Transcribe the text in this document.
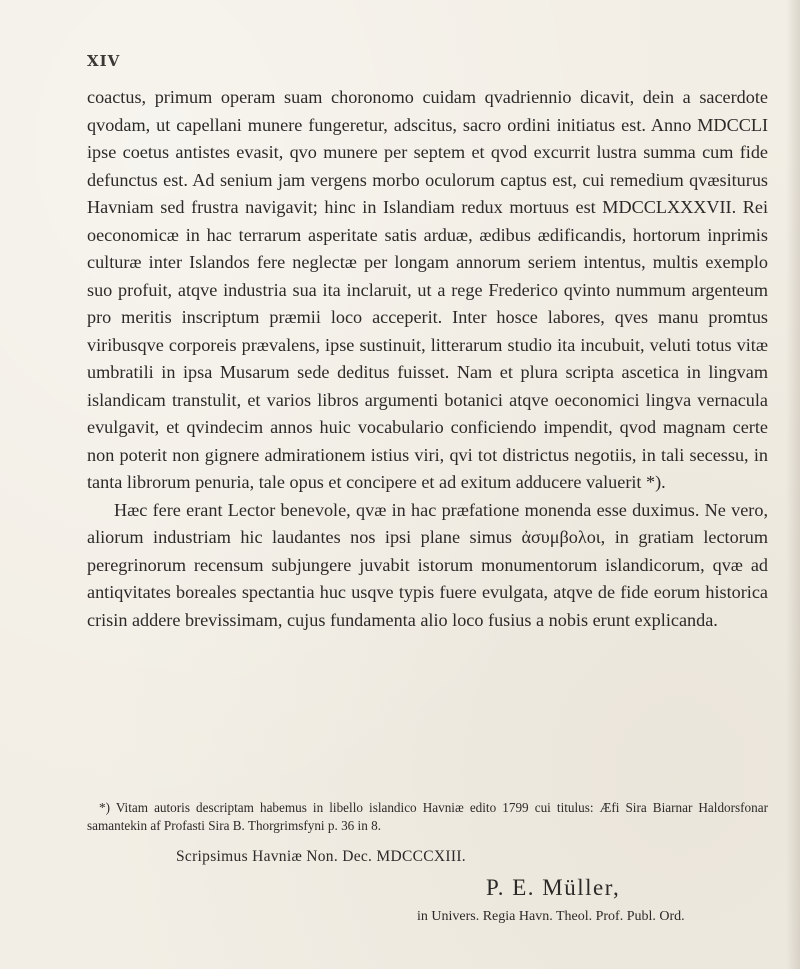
XIV

coactus, primum operam suam choronomo cuidam qvadriennio dicavit, dein a sacerdote qvodam, ut capellani munere fungeretur, adscitus, sacro ordini initiatus est. Anno MDCCLI ipse coetus antistes evasit, qvo munere per septem et qvod excurrit lustra summa cum fide defunctus est. Ad senium jam vergens morbo oculorum captus est, cui remedium qvæsiturus Havniam sed frustra navigavit; hinc in Islandiam redux mortuus est MDCCLXXXVII. Rei oeconomicæ in hac terrarum asperitate satis arduæ, ædibus ædificandis, hortorum inprimis culturæ inter Islandos fere neglectæ per longam annorum seriem intentus, multis exemplo suo profuit, atqve industria sua ita inclaruit, ut a rege Frederico qvinto nummum argenteum pro meritis inscriptum præmii loco acceperit. Inter hosce labores, qves manu promtus viribusqve corporeis prævalens, ipse sustinuit, litterarum studio ita incubuit, veluti totus vitæ umbratili in ipsa Musarum sede deditus fuisset. Nam et plura scripta ascetica in lingvam islandicam transtulit, et varios libros argumenti botanici atqve oeconomici lingva vernacula evulgavit, et qvindecim annos huic vocabulario conficiendo impendit, qvod magnam certe non poterit non gignere admirationem istius viri, qvi tot districtus negotiis, in tali secessu, in tanta librorum penuria, tale opus et concipere et ad exitum adducere valuerit *).

Hæc fere erant Lector benevole, qvæ in hac præfatione monenda esse duximus. Ne vero, aliorum industriam hic laudantes nos ipsi plane simus ἀσυμβολοι, in gratiam lectorum peregrinorum recensum subjungere juvabit istorum monumentorum islandicorum, qvæ ad antiqvitates boreales spectantia huc usqve typis fuere evulgata, atqve de fide eorum historica crisin addere brevissimam, cujus fundamenta alio loco fusius a nobis erunt explicanda.

*) Vitam autoris descriptam habemus in libello islandico Havniæ edito 1799 cui titulus: Æfi Sira Biarnar Haldorsfonar samantekin af Profasti Sira B. Thorgrimsfyni p. 36 in 8.
Scripsimus Havniæ Non. Dec. MDCCCXIII.
P. E. Müller,
in Univers. Regia Havn. Theol. Prof. Publ. Ord.
